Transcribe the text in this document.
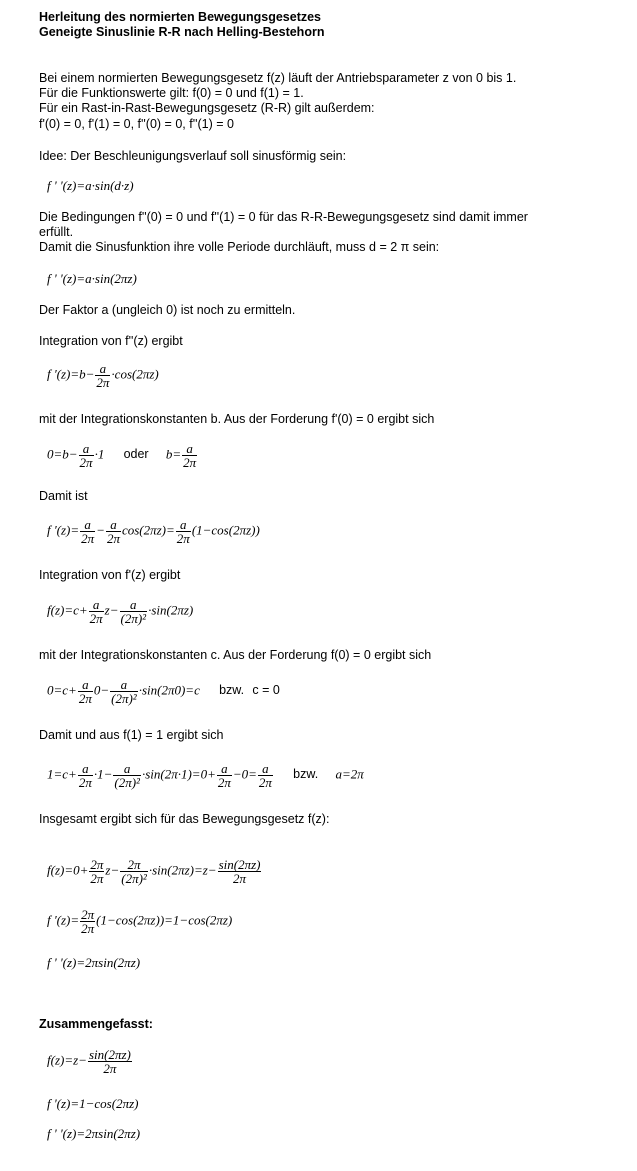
Herleitung des normierten Bewegungsgesetzes
Geneigte Sinuslinie R-R nach Helling-Bestehorn
Bei einem normierten Bewegungsgesetz f(z) läuft der Antriebsparameter z von 0 bis 1.
Für die Funktionswerte gilt: f(0) = 0 und f(1) = 1.
Für ein Rast-in-Rast-Bewegungsgesetz (R-R) gilt außerdem:
f'(0) = 0, f'(1) = 0, f''(0) = 0, f''(1) = 0
Idee: Der Beschleunigungsverlauf soll sinusförmig sein:
f ' '(z)=a·sin(d·z)
Die Bedingungen f''(0) = 0 und f''(1) = 0 für das R-R-Bewegungsgesetz sind damit immer
erfüllt.
Damit die Sinusfunktion ihre volle Periode durchläuft, muss d = 2 π sein:
f ' '(z)=a·sin(2πz)
Der Faktor a (ungleich 0) ist noch zu ermitteln.
Integration von f''(z) ergibt
f '$(z)=b- \frac{a}{2\pi} \cdot\cos(2\pi z)$
mit der Integrationskonstanten b. Aus der Forderung f'(0) = 0 ergibt sich
$0=b- \frac{a}{2\pi} \cdot 1$ oder $b= \frac{a}{2\pi}$
Damit ist
f '$(z)= \frac{a}{2\pi} - \frac{a}{2\pi} \cos(2\pi z)= \frac{a}{2\pi} (1-\cos(2\pi z))$
Integration von f'(z) ergibt
$f(z)=c+ \frac{a}{2\pi} z- \frac{a}{\text{(2π)²}} \cdot\sin(2\pi z)$
mit der Integrationskonstanten c. Aus der Forderung f(0) = 0 ergibt sich
$0=c+ \frac{a}{2\pi} 0- \frac{a}{\text{(2π)²}} \cdot\sin(2\pi 0)=c$ bzw. c = 0
Damit und aus f(1) = 1 ergibt sich
$1=c+ \frac{a}{2\pi} \cdot 1- \frac{a}{\text{(2π)²}} \cdot\sin(2\pi\cdot 1)=0+ \frac{a}{2\pi} -0= \frac{a}{2\pi}$ bzw. a=2π
Insgesamt ergibt sich für das Bewegungsgesetz f(z):
$f(z)=0+ \frac{2\pi}{2\pi} z- \frac{2\pi}{\text{(2π)²}} \cdot\sin(2\pi z)=z- \frac{\sin(2\pi z)}{2\pi}$
f '$(z)= \frac{2\pi}{2\pi} (1-\cos(2\pi z))=1-\cos(2\pi z)$
f ' '(z)=2πsin(2πz)
Zusammengefasst:
$f(z)=z- \frac{\sin(2\pi z)}{2\pi}$
f '(z)=1−cos(2πz)
f ' '(z)=2πsin(2πz)
